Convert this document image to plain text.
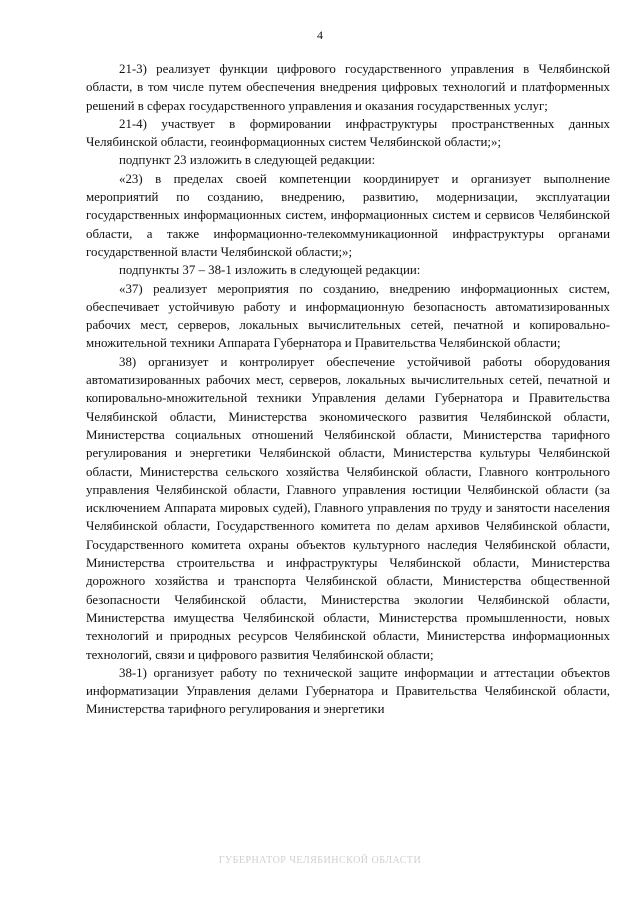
4

21-3) реализует функции цифрового государственного управления в Челябинской области, в том числе путем обеспечения внедрения цифровых технологий и платформенных решений в сферах государственного управления и оказания государственных услуг;

21-4) участвует в формировании инфраструктуры пространственных данных Челябинской области, геоинформационных систем Челябинской области;»;

подпункт 23 изложить в следующей редакции:

«23) в пределах своей компетенции координирует и организует выполнение мероприятий по созданию, внедрению, развитию, модернизации, эксплуатации государственных информационных систем, информационных систем и сервисов Челябинской области, а также информационно-телекоммуникационной инфраструктуры органами государственной власти Челябинской области;»;

подпункты 37 – 38-1 изложить в следующей редакции:

«37) реализует мероприятия по созданию, внедрению информационных систем, обеспечивает устойчивую работу и информационную безопасность автоматизированных рабочих мест, серверов, локальных вычислительных сетей, печатной и копировально-множительной техники Аппарата Губернатора и Правительства Челябинской области;

38) организует и контролирует обеспечение устойчивой работы оборудования автоматизированных рабочих мест, серверов, локальных вычислительных сетей, печатной и копировально-множительной техники Управления делами Губернатора и Правительства Челябинской области, Министерства экономического развития Челябинской области, Министерства социальных отношений Челябинской области, Министерства тарифного регулирования и энергетики Челябинской области, Министерства культуры Челябинской области, Министерства сельского хозяйства Челябинской области, Главного контрольного управления Челябинской области, Главного управления юстиции Челябинской области (за исключением Аппарата мировых судей), Главного управления по труду и занятости населения Челябинской области, Государственного комитета по делам архивов Челябинской области, Государственного комитета охраны объектов культурного наследия Челябинской области, Министерства строительства и инфраструктуры Челябинской области, Министерства дорожного хозяйства и транспорта Челябинской области, Министерства общественной безопасности Челябинской области, Министерства экологии Челябинской области, Министерства имущества Челябинской области, Министерства промышленности, новых технологий и природных ресурсов Челябинской области, Министерства информационных технологий, связи и цифрового развития Челябинской области;

38-1) организует работу по технической защите информации и аттестации объектов информатизации Управления делами Губернатора и Правительства Челябинской области, Министерства тарифного регулирования и энергетики

ГУБЕРНАТОР ЧЕЛЯБИНСКОЙ ОБЛАСТИ
